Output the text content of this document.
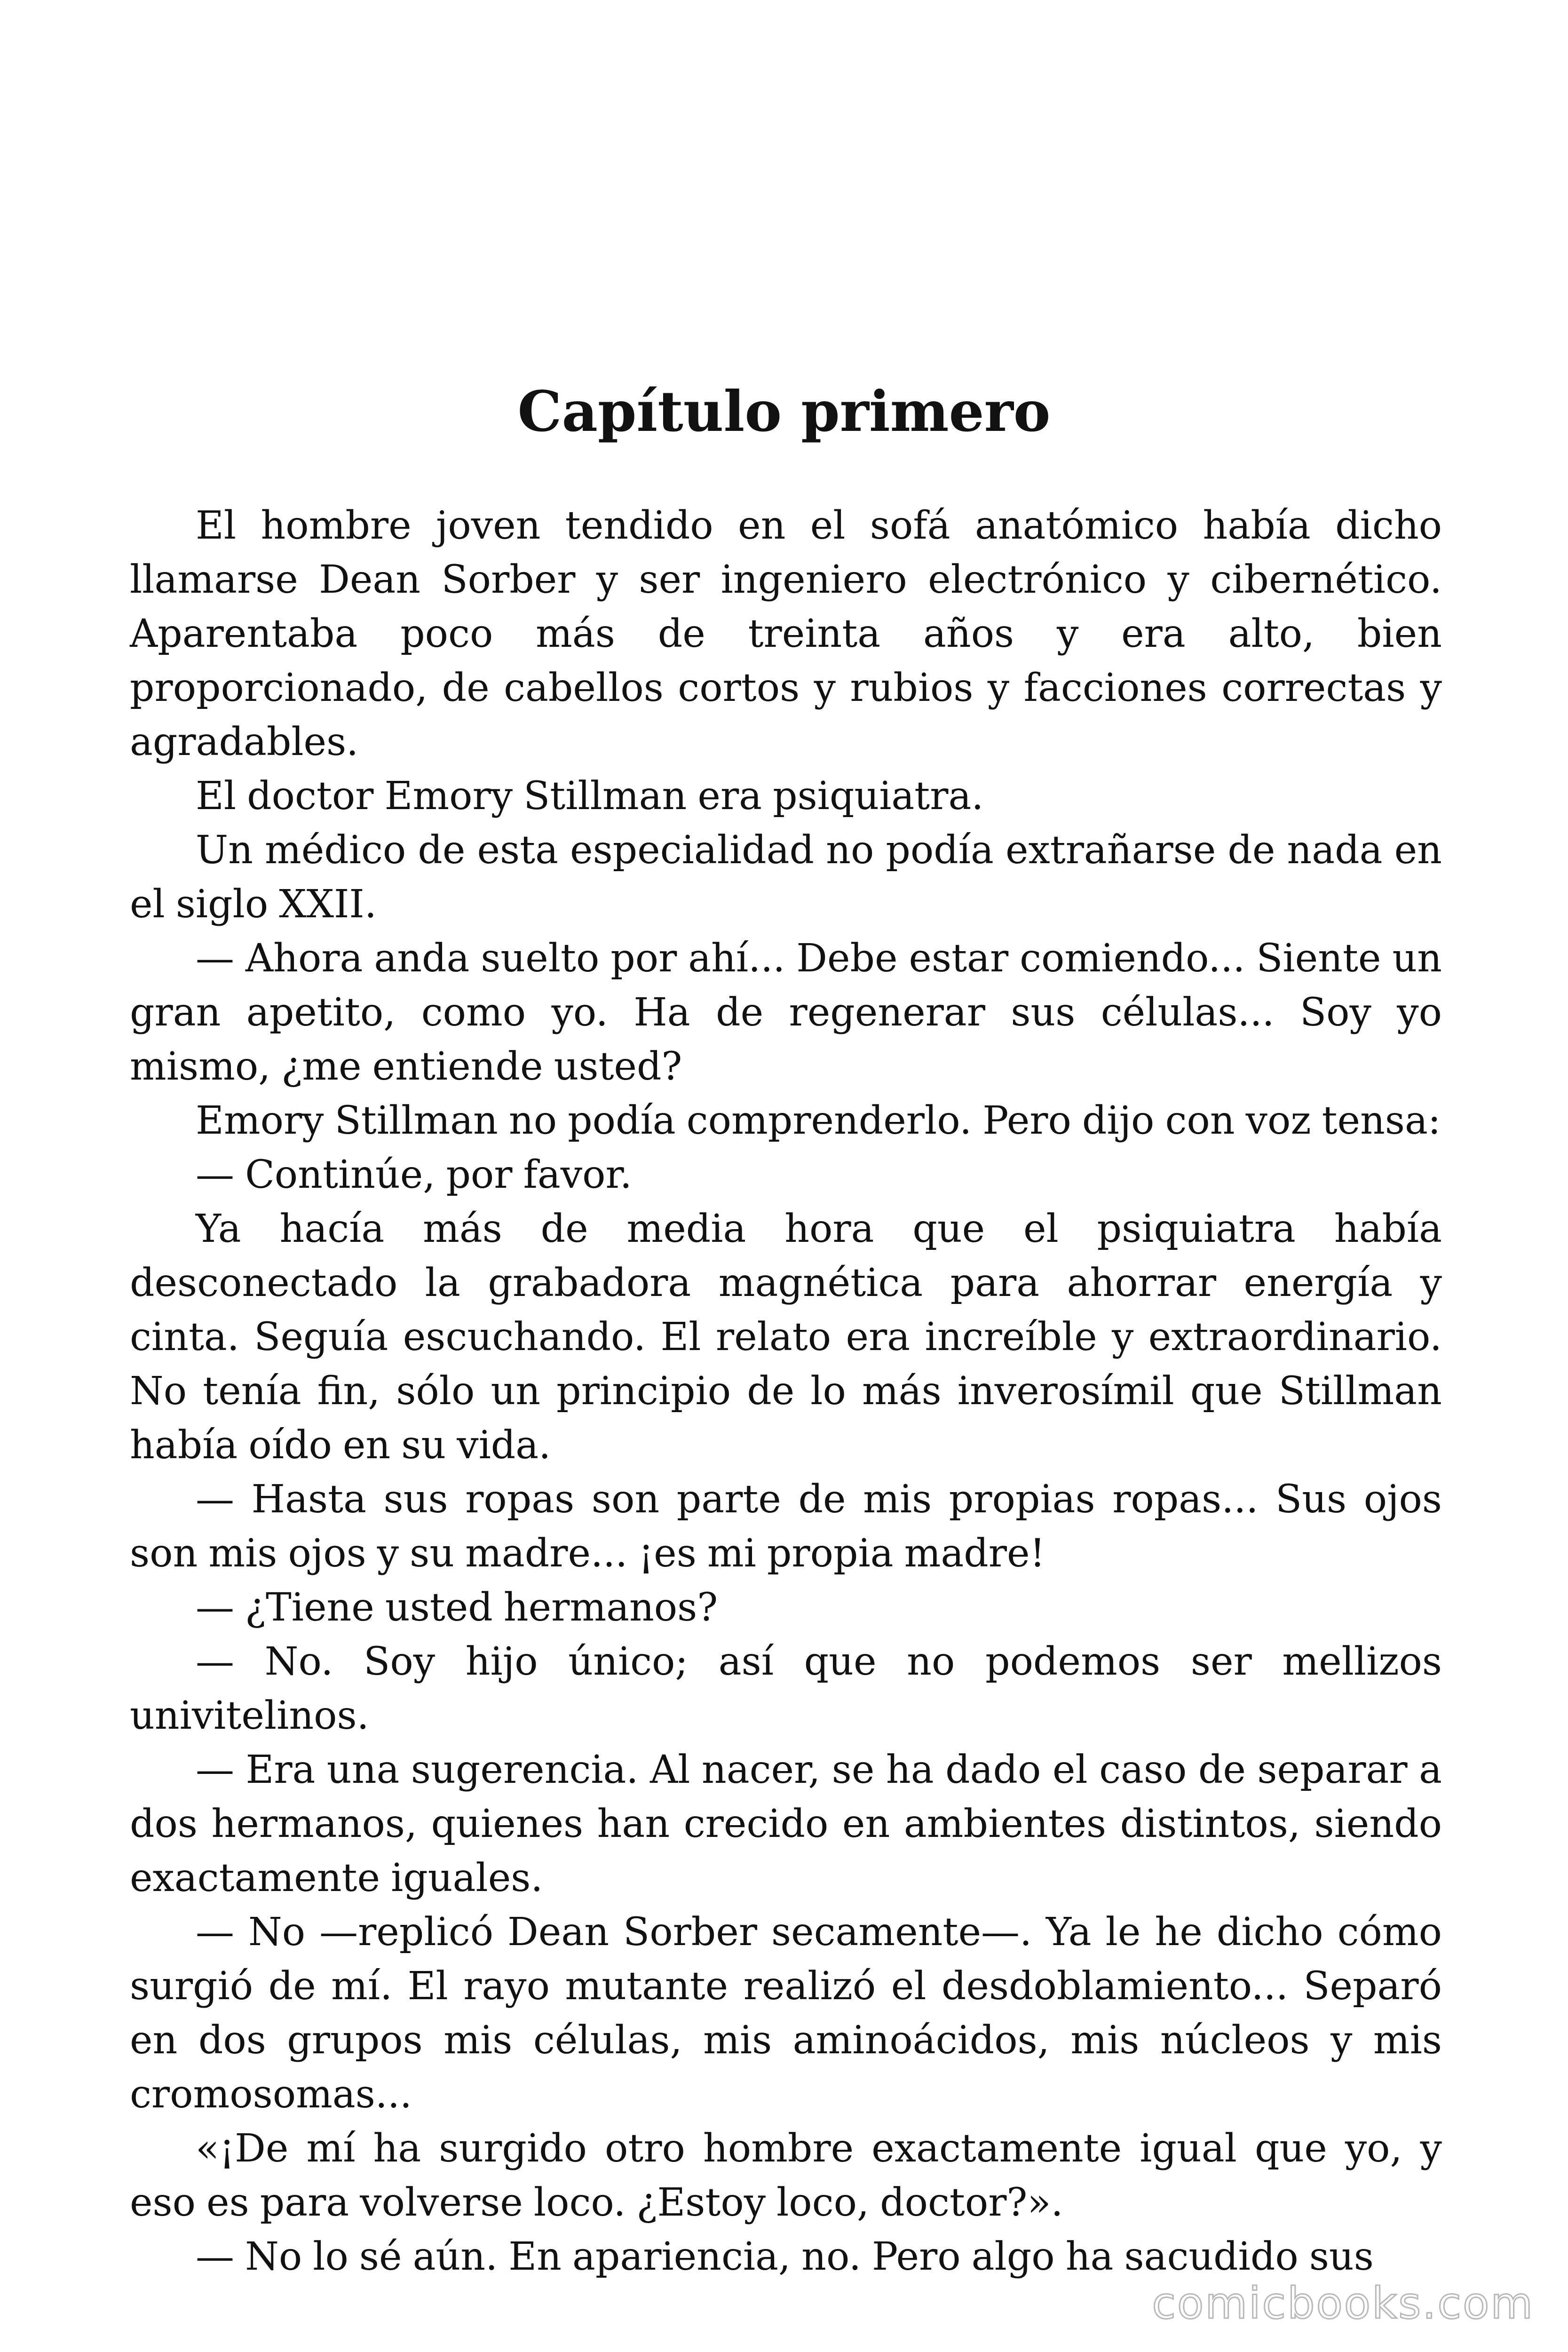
Capítulo primero

El hombre joven tendido en el sofá anatómico había dicho llamarse Dean Sorber y ser ingeniero electrónico y cibernético. Aparentaba poco más de treinta años y era alto, bien proporcionado, de cabellos cortos y rubios y facciones correctas y agradables.

El doctor Emory Stillman era psiquiatra.

Un médico de esta especialidad no podía extrañarse de nada en el siglo XXII.

— Ahora anda suelto por ahí... Debe estar comiendo... Siente un gran apetito, como yo. Ha de regenerar sus células... Soy yo mismo, ¿me entiende usted?

Emory Stillman no podía comprenderlo. Pero dijo con voz tensa:

— Continúe, por favor.

Ya hacía más de media hora que el psiquiatra había desconectado la grabadora magnética para ahorrar energía y cinta. Seguía escuchando. El relato era increíble y extraordinario. No tenía fin, sólo un principio de lo más inverosímil que Stillman había oído en su vida.

— Hasta sus ropas son parte de mis propias ropas... Sus ojos son mis ojos y su madre... ¡es mi propia madre!

— ¿Tiene usted hermanos?

— No. Soy hijo único; así que no podemos ser mellizos univitelinos.

— Era una sugerencia. Al nacer, se ha dado el caso de separar a dos hermanos, quienes han crecido en ambientes distintos, siendo exactamente iguales.

— No —replicó Dean Sorber secamente—. Ya le he dicho cómo surgió de mí. El rayo mutante realizó el desdoblamiento... Separó en dos grupos mis células, mis aminoácidos, mis núcleos y mis cromosomas...

«¡De mí ha surgido otro hombre exactamente igual que yo, y eso es para volverse loco. ¿Estoy loco, doctor?».

— No lo sé aún. En apariencia, no. Pero algo ha sacudido sus

comicbooks.com
